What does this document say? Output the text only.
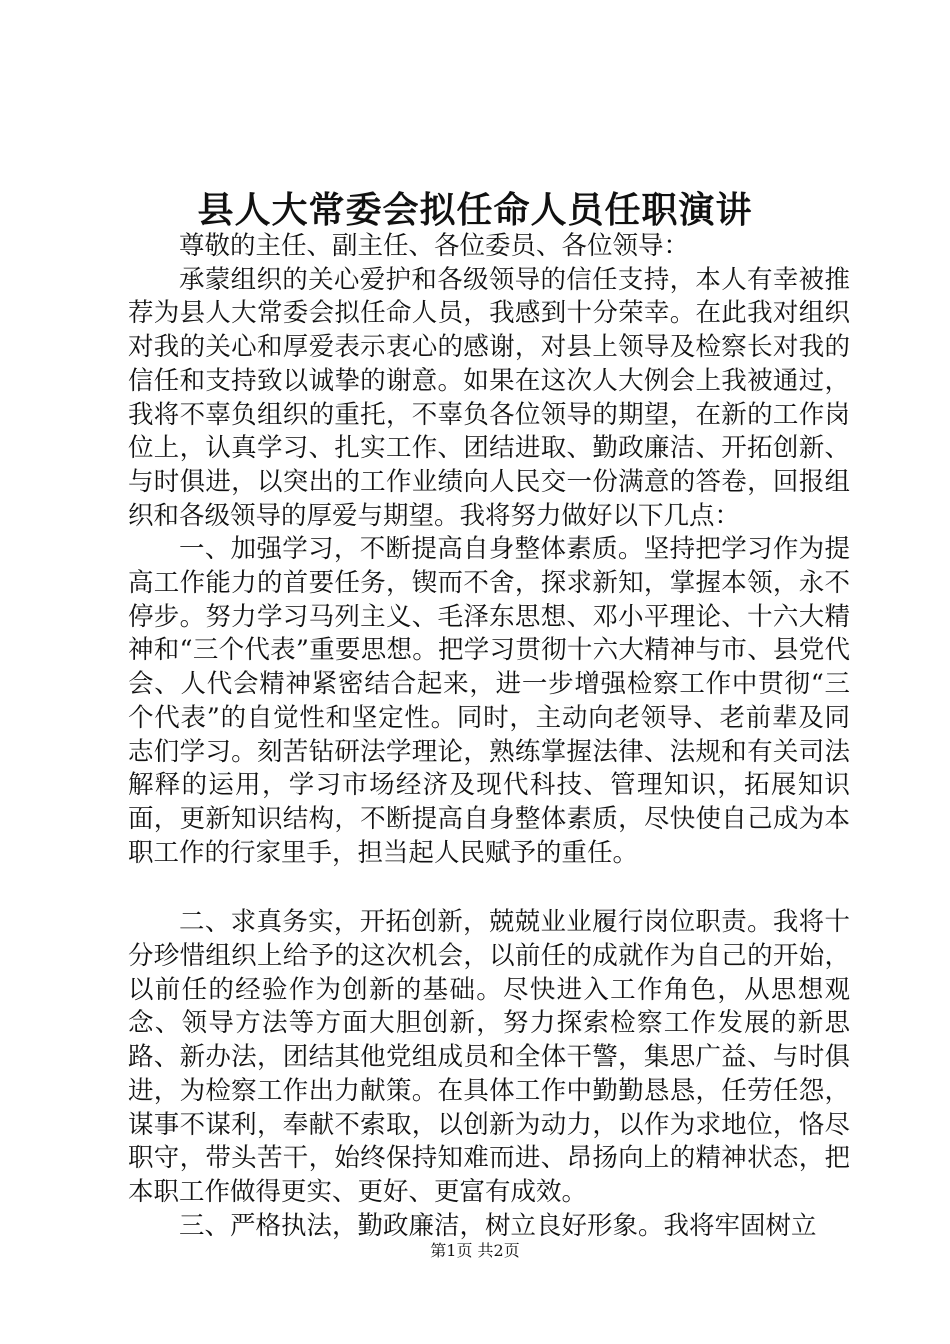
县人大常委会拟任命人员任职演讲

尊敬的主任、副主任、各位委员、各位领导：

承蒙组织的关心爱护和各级领导的信任支持，本人有幸被推荐为县人大常委会拟任命人员，我感到十分荣幸。在此我对组织对我的关心和厚爱表示衷心的感谢，对县上领导及检察长对我的信任和支持致以诚挚的谢意。如果在这次人大例会上我被通过，我将不辜负组织的重托，不辜负各位领导的期望，在新的工作岗位上，认真学习、扎实工作、团结进取、勤政廉洁、开拓创新、与时俱进，以突出的工作业绩向人民交一份满意的答卷，回报组织和各级领导的厚爱与期望。我将努力做好以下几点：

一、加强学习，不断提高自身整体素质。坚持把学习作为提高工作能力的首要任务，锲而不舍，探求新知，掌握本领，永不停步。努力学习马列主义、毛泽东思想、邓小平理论、十六大精神和“三个代表”重要思想。把学习贯彻十六大精神与市、县党代会、人代会精神紧密结合起来，进一步增强检察工作中贯彻“三个代表”的自觉性和坚定性。同时，主动向老领导、老前辈及同志们学习。刻苦钻研法学理论，熟练掌握法律、法规和有关司法解释的运用，学习市场经济及现代科技、管理知识，拓展知识面，更新知识结构，不断提高自身整体素质，尽快使自己成为本职工作的行家里手，担当起人民赋予的重任。

二、求真务实，开拓创新，兢兢业业履行岗位职责。我将十分珍惜组织上给予的这次机会，以前任的成就作为自己的开始，以前任的经验作为创新的基础。尽快进入工作角色，从思想观念、领导方法等方面大胆创新，努力探索检察工作发展的新思路、新办法，团结其他党组成员和全体干警，集思广益、与时俱进，为检察工作出力献策。在具体工作中勤勤恳恳，任劳任怨，谋事不谋利，奉献不索取，以创新为动力，以作为求地位，恪尽职守，带头苦干，始终保持知难而进、昂扬向上的精神状态，把本职工作做得更实、更好、更富有成效。

三、严格执法，勤政廉洁，树立良好形象。我将牢固树立

第1页 共2页
